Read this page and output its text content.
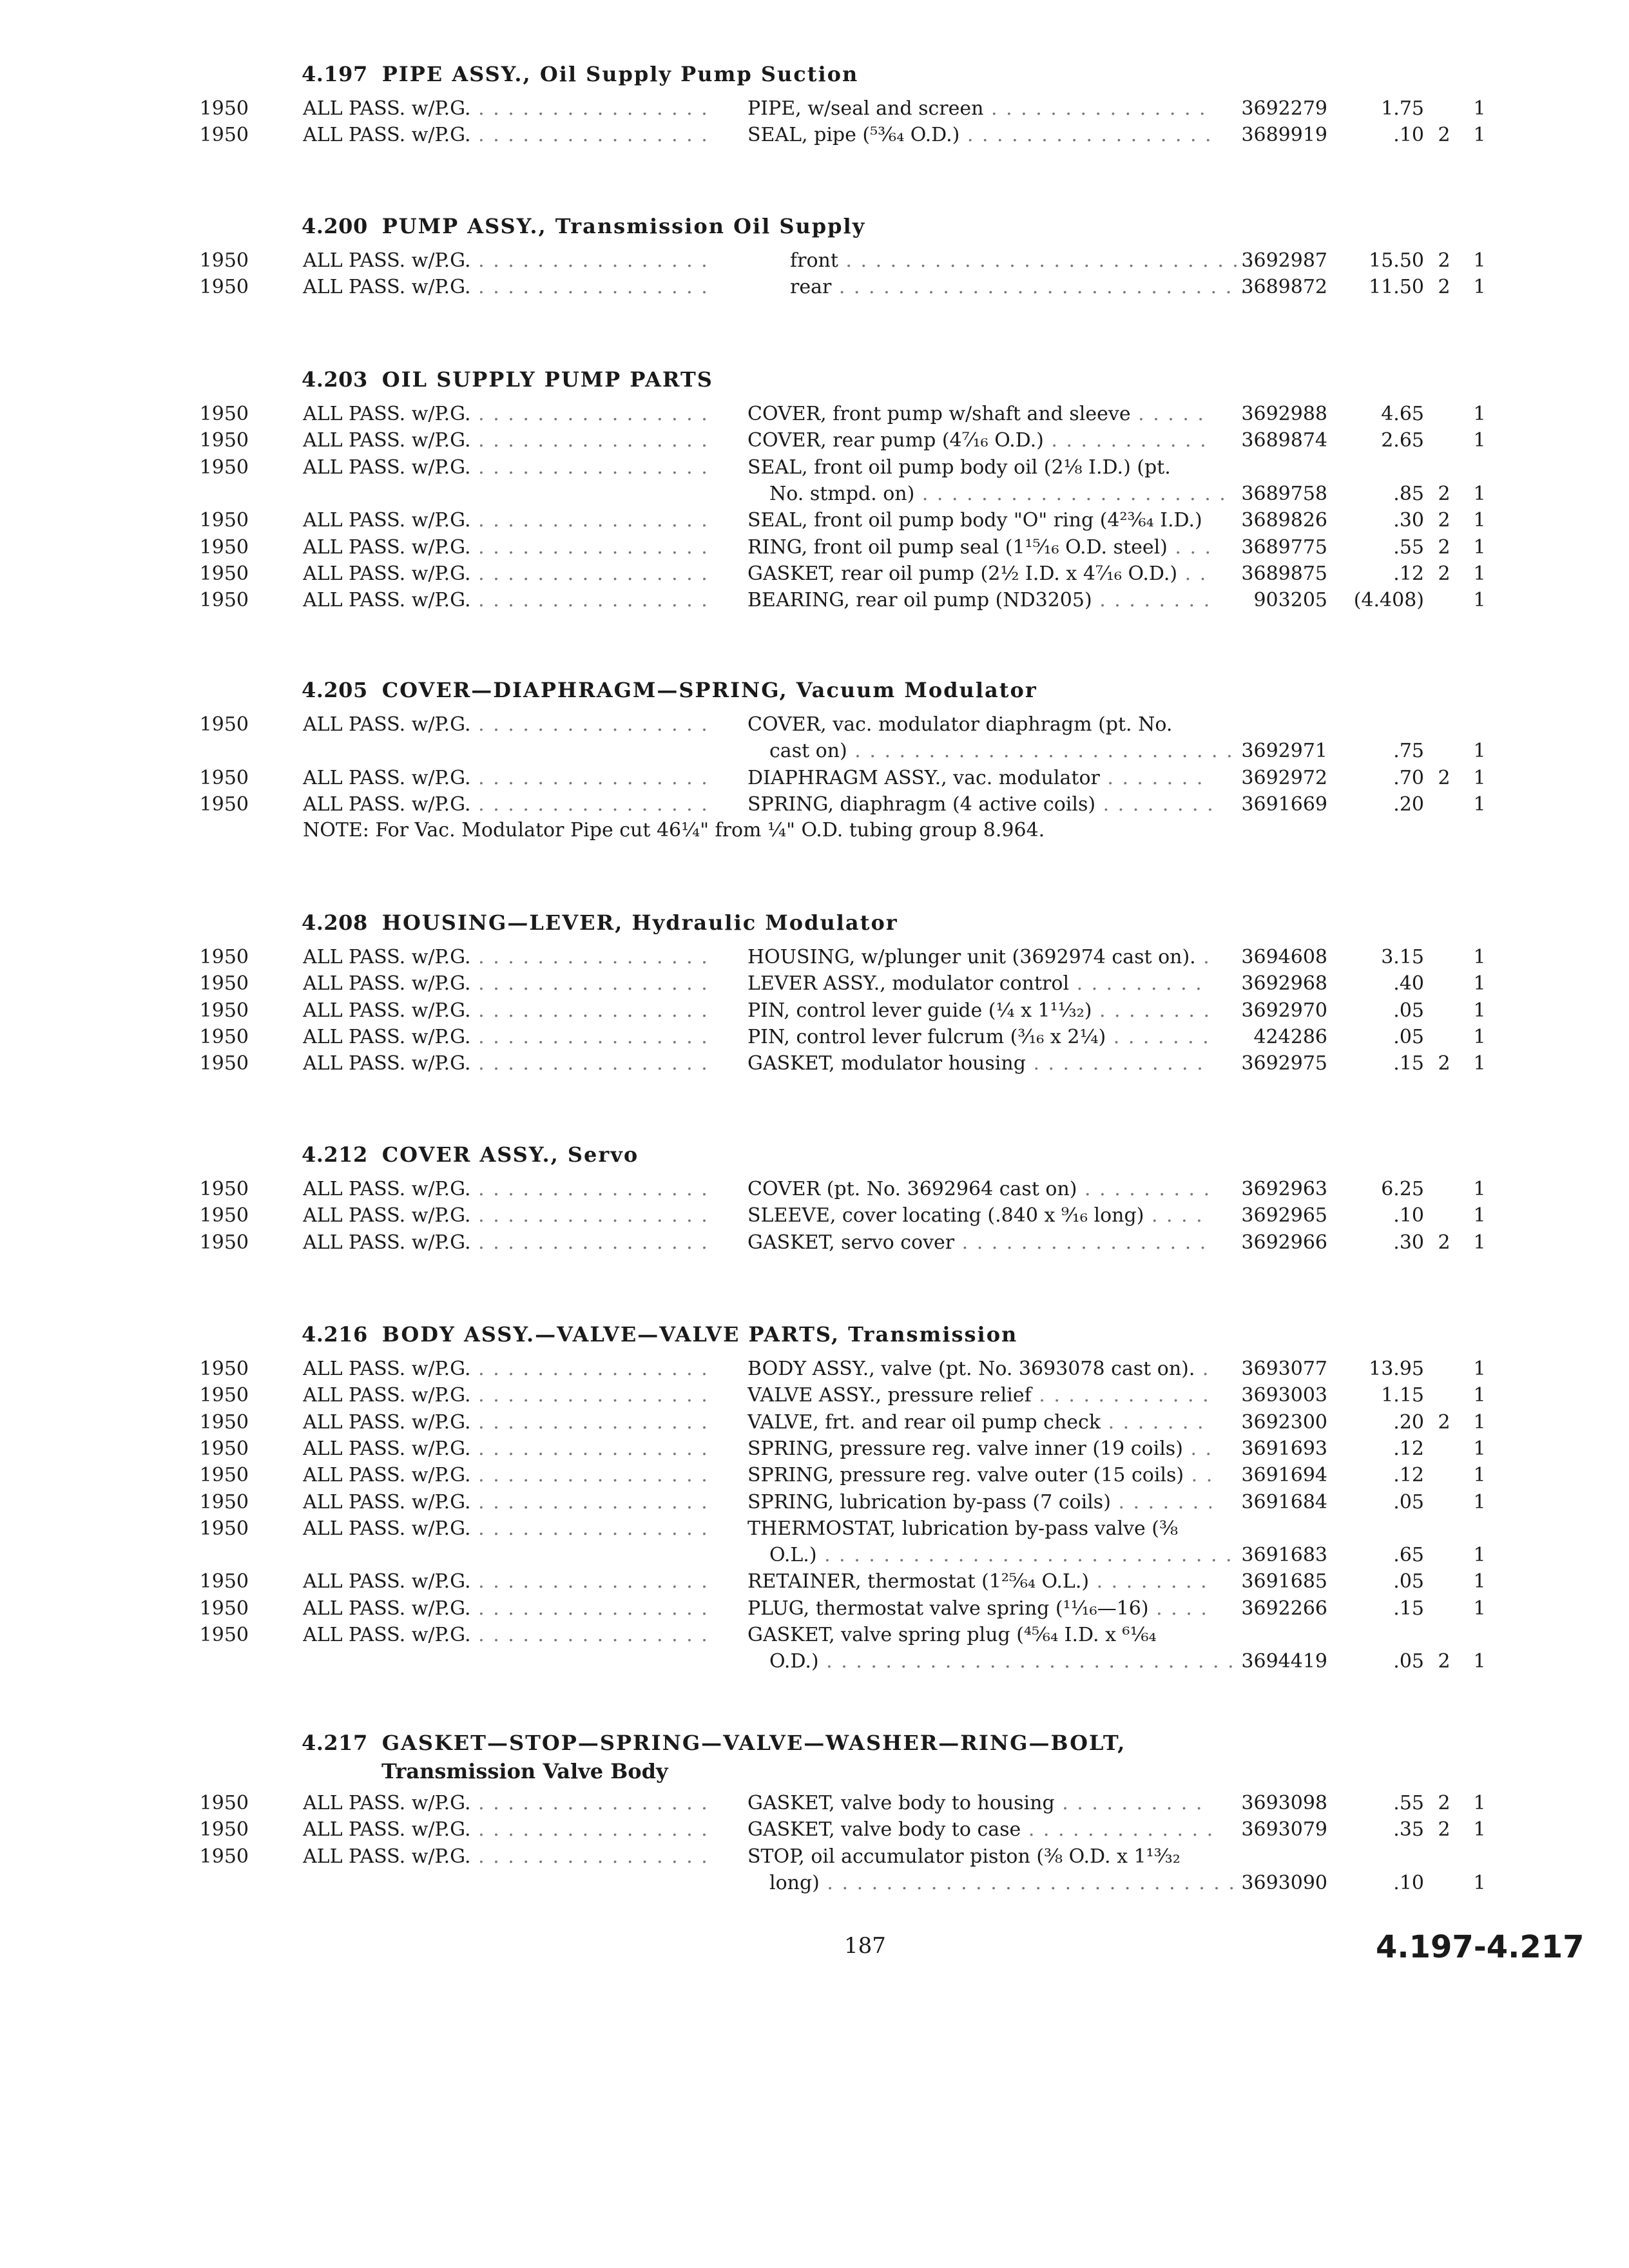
4.197 PIPE ASSY., Oil Supply Pump Suction
1950	ALL PASS. w/P.G. . . .	PIPE, w/seal and screen . . .	3692279	1.75	1
1950	ALL PASS. w/P.G. . . .	SEAL, pipe (⁵³⁄₆₄ O.D.) . . .	3689919	.10 2 1
4.200 PUMP ASSY., Transmission Oil Supply
1950	ALL PASS. w/P.G. . . .	front . . .	3692987	15.50 2 1
1950	ALL PASS. w/P.G. . . .	rear . . .	3689872	11.50 2 1
4.203 OIL SUPPLY PUMP PARTS
1950	ALL PASS. w/P.G. . . .	COVER, front pump w/shaft and sleeve . . .	3692988	4.65	1
1950	ALL PASS. w/P.G. . . .	COVER, rear pump (4⁷⁄₁₆ O.D.) . . .	3689874	2.65	1
1950	ALL PASS. w/P.G. . . .	SEAL, front oil pump body oil (2⅛ I.D.) (pt.
No. stmpd. on) . . .	3689758	.85 2 1
1950	ALL PASS. w/P.G. . . .	SEAL, front oil pump body "O" ring (4²³⁄₆₄ I.D.) . . .	3689826	.30 2 1
1950	ALL PASS. w/P.G. . . .	RING, front oil pump seal (1¹⁵⁄₁₆ O.D. steel) . . .	3689775	.55 2 1
1950	ALL PASS. w/P.G. . . .	GASKET, rear oil pump (2½ I.D. x 4⁷⁄₁₆ O.D.) . . .	3689875	.12 2 1
1950	ALL PASS. w/P.G. . . .	BEARING, rear oil pump (ND3205) . . .	903205	(4.408)	1
4.205 COVER—DIAPHRAGM—SPRING, Vacuum Modulator
1950	ALL PASS. w/P.G. . . .	COVER, vac. modulator diaphragm (pt. No.
cast on) . . .	3692971	.75	1
1950	ALL PASS. w/P.G. . . .	DIAPHRAGM ASSY., vac. modulator . . .	3692972	.70 2 1
1950	ALL PASS. w/P.G. . . .	SPRING, diaphragm (4 active coils) . . .	3691669	.20	1
NOTE: For Vac. Modulator Pipe cut 46¼" from ¼" O.D. tubing group 8.964.
4.208 HOUSING—LEVER, Hydraulic Modulator
1950	ALL PASS. w/P.G. . . .	HOUSING, w/plunger unit (3692974 cast on). . . .	3694608	3.15	1
1950	ALL PASS. w/P.G. . . .	LEVER ASSY., modulator control . . .	3692968	.40	1
1950	ALL PASS. w/P.G. . . .	PIN, control lever guide (¼ x 1¹¹⁄₃₂) . . .	3692970	.05	1
1950	ALL PASS. w/P.G. . . .	PIN, control lever fulcrum (³⁄₁₆ x 2¼) . . .	424286	.05	1
1950	ALL PASS. w/P.G. . . .	GASKET, modulator housing . . .	3692975	.15 2 1
4.212 COVER ASSY., Servo
1950	ALL PASS. w/P.G. . . .	COVER (pt. No. 3692964 cast on) . . .	3692963	6.25	1
1950	ALL PASS. w/P.G. . . .	SLEEVE, cover locating (.840 x ⁹⁄₁₆ long) . . .	3692965	.10	1
1950	ALL PASS. w/P.G. . . .	GASKET, servo cover . . .	3692966	.30 2 1
4.216 BODY ASSY.—VALVE—VALVE PARTS, Transmission
1950	ALL PASS. w/P.G. . . .	BODY ASSY., valve (pt. No. 3693078 cast on). . . .	3693077	13.95	1
1950	ALL PASS. w/P.G. . . .	VALVE ASSY., pressure relief . . .	3693003	1.15	1
1950	ALL PASS. w/P.G. . . .	VALVE, frt. and rear oil pump check . . .	3692300	.20 2 1
1950	ALL PASS. w/P.G. . . .	SPRING, pressure reg. valve inner (19 coils) . . .	3691693	.12	1
1950	ALL PASS. w/P.G. . . .	SPRING, pressure reg. valve outer (15 coils) . . .	3691694	.12	1
1950	ALL PASS. w/P.G. . . .	SPRING, lubrication by-pass (7 coils) . . .	3691684	.05	1
1950	ALL PASS. w/P.G. . . .	THERMOSTAT, lubrication by-pass valve (⅜
O.L.) . . .	3691683	.65	1
1950	ALL PASS. w/P.G. . . .	RETAINER, thermostat (1²⁵⁄₆₄ O.L.) . . .	3691685	.05	1
1950	ALL PASS. w/P.G. . . .	PLUG, thermostat valve spring (¹¹⁄₁₆—16) . . .	3692266	.15	1
1950	ALL PASS. w/P.G. . . .	GASKET, valve spring plug (⁴⁵⁄₆₄ I.D. x ⁶¹⁄₆₄
O.D.) . . .	3694419	.05 2 1
4.217 GASKET—STOP—SPRING—VALVE—WASHER—RING—BOLT,
Transmission Valve Body
1950	ALL PASS. w/P.G. . . .	GASKET, valve body to housing . . .	3693098	.55 2 1
1950	ALL PASS. w/P.G. . . .	GASKET, valve body to case . . .	3693079	.35 2 1
1950	ALL PASS. w/P.G. . . .	STOP, oil accumulator piston (⅜ O.D. x 1¹³⁄₃₂
long) . . .	3693090	.10	1
187	4.197-4.217
